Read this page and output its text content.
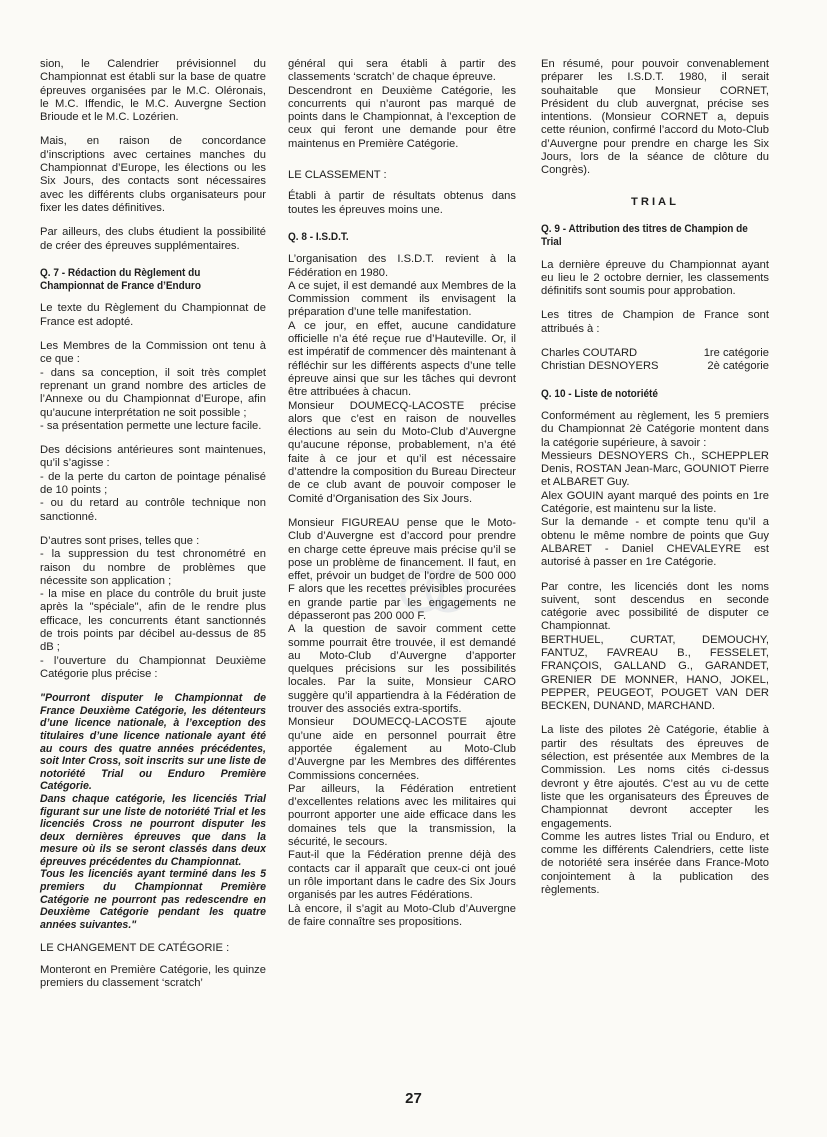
sion, le Calendrier prévisionnel du Championnat est établi sur la base de quatre épreuves organisées par le M.C. Oléronais, le M.C. Iffendic, le M.C. Auvergne Section Brioude et le M.C. Lozérien.

Mais, en raison de concordance d’inscriptions avec certaines manches du Championnat d’Europe, les élections ou les Six Jours, des contacts sont nécessaires avec les différents clubs organisateurs pour fixer les dates définitives.

Par ailleurs, des clubs étudient la possibilité de créer des épreuves supplémentaires.

Q. 7 - Rédaction du Règlement du Championnat de France d’Enduro

Le texte du Règlement du Championnat de France est adopté.

Les Membres de la Commission ont tenu à ce que :
- dans sa conception, il soit très complet reprenant un grand nombre des articles de l’Annexe ou du Championnat d’Europe, afin qu’aucune interprétation ne soit possible ;
- sa présentation permette une lecture facile.

Des décisions antérieures sont maintenues, qu’il s’agisse :
- de la perte du carton de pointage pénalisé de 10 points ;
- ou du retard au contrôle technique non sanctionné.

D’autres sont prises, telles que :
- la suppression du test chronométré en raison du nombre de problèmes que nécessite son application ;
- la mise en place du contrôle du bruit juste après la "spéciale", afin de le rendre plus efficace, les concurrents étant sanctionnés de trois points par décibel au-dessus de 85 dB ;
- l’ouverture du Championnat Deuxième Catégorie plus précise :

"Pourront disputer le Championnat de France Deuxième Catégorie, les détenteurs d’une licence nationale, à l’exception des titulaires d’une licence nationale ayant été au cours des quatre années précédentes, soit Inter Cross, soit inscrits sur une liste de notoriété Trial ou Enduro Première Catégorie.
Dans chaque catégorie, les licenciés Trial figurant sur une liste de notoriété Trial et les licenciés Cross ne pourront disputer les deux dernières épreuves que dans la mesure où ils se seront classés dans deux épreuves précédentes du Championnat.
Tous les licenciés ayant terminé dans les 5 premiers du Championnat Première Catégorie ne pourront pas redescendre en Deuxième Catégorie pendant les quatre années suivantes."
LE CHANGEMENT DE CATÉGORIE :

Monteront en Première Catégorie, les quinze premiers du classement ‘scratch’

général qui sera établi à partir des classements ‘scratch’ de chaque épreuve.

Descendront en Deuxième Catégorie, les concurrents qui n’auront pas marqué de points dans le Championnat, à l’exception de ceux qui feront une demande pour être maintenus en Première Catégorie.

LE CLASSEMENT :

Établi à partir de résultats obtenus dans toutes les épreuves moins une.

Q. 8 - I.S.D.T.
L’organisation des I.S.D.T. revient à la Fédération en 1980.
A ce sujet, il est demandé aux Membres de la Commission comment ils envisagent la préparation d’une telle manifestation.
A ce jour, en effet, aucune candidature officielle n’a été reçue rue d’Hauteville. Or, il est impératif de commencer dès maintenant à réfléchir sur les différents aspects d’une telle épreuve ainsi que sur les tâches qui devront être attribuées à chacun.
Monsieur DOUMECQ-LACOSTE précise alors que c’est en raison de nouvelles élections au sein du Moto-Club d’Auvergne qu’aucune réponse, probablement, n’a été faite à ce jour et qu’il est nécessaire d’attendre la composition du Bureau Directeur de ce club avant de pouvoir composer le Comité d’Organisation des Six Jours.
Monsieur FIGUREAU pense que le Moto-Club d’Auvergne est d’accord pour prendre en charge cette épreuve mais précise qu’il se pose un problème de financement. Il faut, en effet, prévoir un budget de l’ordre de 500 000 F alors que les recettes prévisibles procurées en grande partie par les engagements ne dépasseront pas 200 000 F.
A la question de savoir comment cette somme pourrait être trouvée, il est demandé au Moto-Club d’Auvergne d’apporter quelques précisions sur les possibilités locales. Par la suite, Monsieur CARO suggère qu’il appartiendra à la Fédération de trouver des associés extra-sportifs.
Monsieur DOUMECQ-LACOSTE ajoute qu’une aide en personnel pourrait être apportée également au Moto-Club d’Auvergne par les Membres des différentes Commissions concernées.
Par ailleurs, la Fédération entretient d’excellentes relations avec les militaires qui pourront apporter une aide efficace dans les domaines tels que la transmission, la sécurité, le secours.
Faut-il que la Fédération prenne déjà des contacts car il apparaît que ceux-ci ont joué un rôle important dans le cadre des Six Jours organisés par les autres Fédérations.
Là encore, il s’agit au Moto-Club d’Auvergne de faire connaître ses propositions.

En résumé, pour pouvoir convenablement préparer les I.S.D.T. 1980, il serait souhaitable que Monsieur CORNET, Président du club auvergnat, précise ses intentions. (Monsieur CORNET a, depuis cette réunion, confirmé l’accord du Moto-Club d’Auvergne pour prendre en charge les Six Jours, lors de la séance de clôture du Congrès).

TRIAL
Q. 9 - Attribution des titres de Champion de Trial

La dernière épreuve du Championnat ayant eu lieu le 2 octobre dernier, les classements définitifs sont soumis pour approbation.

Les titres de Champion de France sont attribués à :

Charles COUTARD	1re catégorie
Christian DESNOYERS	2è catégorie
Q. 10 - Liste de notoriété
Conformément au règlement, les 5 premiers du Championnat 2è Catégorie montent dans la catégorie supérieure, à savoir :
Messieurs DESNOYERS Ch., SCHEPPLER Denis, ROSTAN Jean-Marc, GOUNIOT Pierre et ALBARET Guy.
Alex GOUIN ayant marqué des points en 1re Catégorie, est maintenu sur la liste.
Sur la demande - et compte tenu qu’il a obtenu le même nombre de points que Guy ALBARET - Daniel CHEVALEYRE est autorisé à passer en 1re Catégorie.
Par contre, les licenciés dont les noms suivent, sont descendus en seconde catégorie avec possibilité de disputer ce Championnat.
BERTHUEL, CURTAT, DEMOUCHY, FANTUZ, FAVREAU B., FESSELET, FRANÇOIS, GALLAND G., GARANDET, GRENIER DE MONNER, HANO, JOKEL, PEPPER, PEUGEOT, POUGET VAN DER BECKEN, DUNAND, MARCHAND.
La liste des pilotes 2è Catégorie, établie à partir des résultats des épreuves de sélection, est présentée aux Membres de la Commission. Les noms cités ci-dessus devront y être ajoutés. C’est au vu de cette liste que les organisateurs des Épreuves de Championnat devront accepter les engagements.
Comme les autres listes Trial ou Enduro, et comme les différents Calendriers, cette liste de notoriété sera insérée dans France-Moto conjointement à la publication des règlements.
27
